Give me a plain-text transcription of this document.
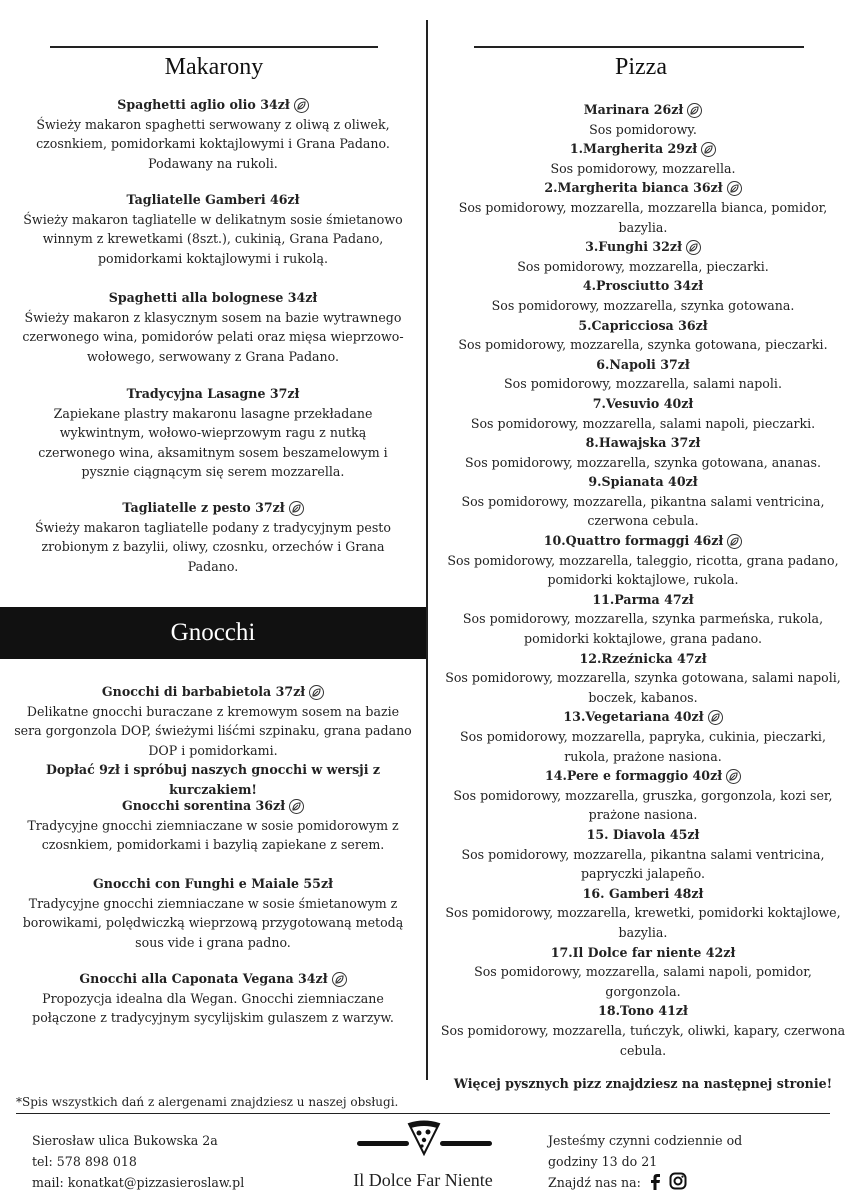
Makarony
Spaghetti aglio olio 34zł
Świeży makaron spaghetti serwowany z oliwą z oliwek, czosnkiem, pomidorkami koktajlowymi i Grana Padano. Podawany na rukoli.
Tagliatelle Gamberi 46zł
Świeży makaron tagliatelle w delikatnym sosie śmietanowo winnym z krewetkami (8szt.), cukinią, Grana Padano, pomidorkami koktajlowymi i rukolą.
Spaghetti alla bolognese 34zł
Świeży makaron z klasycznym sosem na bazie wytrawnego czerwonego wina, pomidorów pelati oraz mięsa wieprzowo-wołowego, serwowany z Grana Padano.
Tradycyjna Lasagne 37zł
Zapiekane plastry makaronu lasagne przekładane wykwintnym, wołowo-wieprzowym ragu z nutką czerwonego wina, aksamitnym sosem beszamelowym i pysznie ciągnącym się serem mozzarella.
Tagliatelle z pesto 37zł
Świeży makaron tagliatelle podany z tradycyjnym pesto zrobionym z bazylii, oliwy, czosnku, orzechów i Grana Padano.
Gnocchi
Gnocchi di barbabietola 37zł
Delikatne gnocchi buraczane z kremowym sosem na bazie sera gorgonzola DOP, świeżymi liśćmi szpinaku, grana padano DOP i pomidorkami.
Dopłać 9zł i spróbuj naszych gnocchi w wersji z kurczakiem!
Gnocchi sorentina 36zł
Tradycyjne gnocchi ziemniaczane w sosie pomidorowym z czosnkiem, pomidorkami i bazylią zapiekane z serem.
Gnocchi con Funghi e Maiale 55zł
Tradycyjne gnocchi ziemniaczane w sosie śmietanowym z borowikami, polędwiczką wieprzową przygotowaną metodą sous vide i grana padno.
Gnocchi alla Caponata Vegana 34zł
Propozycja idealna dla Wegan. Gnocchi ziemniaczane połączone z tradycyjnym sycylijskim gulaszem z warzyw.
Pizza
Marinara 26zł
Sos pomidorowy.
1.Margherita 29zł
Sos pomidorowy, mozzarella.
2.Margherita bianca 36zł
Sos pomidorowy, mozzarella, mozzarella bianca, pomidor, bazylia.
3.Funghi 32zł
Sos pomidorowy, mozzarella, pieczarki.
4.Prosciutto 34zł
Sos pomidorowy, mozzarella, szynka gotowana.
5.Capricciosa 36zł
Sos pomidorowy, mozzarella, szynka gotowana, pieczarki.
6.Napoli 37zł
Sos pomidorowy, mozzarella, salami napoli.
7.Vesuvio 40zł
Sos pomidorowy, mozzarella, salami napoli, pieczarki.
8.Hawajska 37zł
Sos pomidorowy, mozzarella, szynka gotowana, ananas.
9.Spianata 40zł
Sos pomidorowy, mozzarella, pikantna salami ventricina, czerwona cebula.
10.Quattro formaggi 46zł
Sos pomidorowy, mozzarella, taleggio, ricotta, grana padano, pomidorki koktajlowe, rukola.
11.Parma 47zł
Sos pomidorowy, mozzarella, szynka parmeńska, rukola, pomidorki koktajlowe, grana padano.
12.Rzeźnicka 47zł
Sos pomidorowy, mozzarella, szynka gotowana, salami napoli, boczek, kabanos.
13.Vegetariana 40zł
Sos pomidorowy, mozzarella, papryka, cukinia, pieczarki, rukola, prażone nasiona.
14.Pere e formaggio 40zł
Sos pomidorowy, mozzarella, gruszka, gorgonzola, kozi ser, prażone nasiona.
15. Diavola 45zł
Sos pomidorowy, mozzarella, pikantna salami ventricina, papryczki jalapeño.
16. Gamberi 48zł
Sos pomidorowy, mozzarella, krewetki, pomidorki koktajlowe, bazylia.
17.Il Dolce far niente 42zł
Sos pomidorowy, mozzarella, salami napoli, pomidor, gorgonzola.
18.Tono 41zł
Sos pomidorowy, mozzarella, tuńczyk, oliwki, kapary, czerwona cebula.
Więcej pysznych pizz znajdziesz na następnej stronie!
*Spis wszystkich dań z alergenami znajdziesz u naszej obsługi.
Sierosław ulica Bukowska 2a
tel: 578 898 018
mail: konatkat@pizzasieroslaw.pl	Il Dolce Far Niente
Jesteśmy czynni codziennie od
godziny 13 do 21
Znajdź nas na:
